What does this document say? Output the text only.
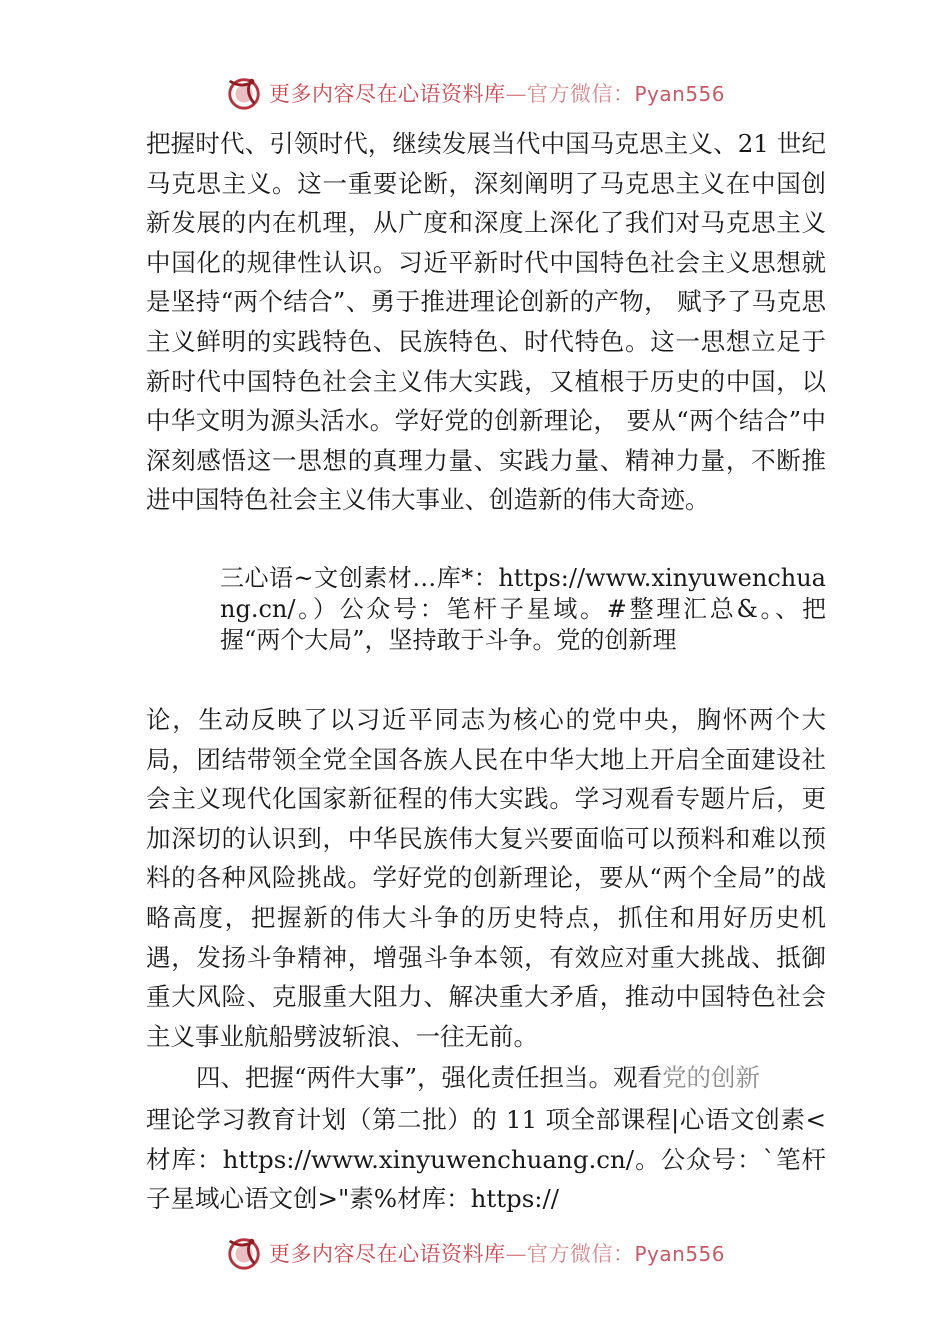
更多内容尽在心语资料库—官方微信：Pyan556

把握时代、引领时代，继续发展当代中国马克思主义、21 世纪马克思主义。这一重要论断，深刻阐明了马克思主义在中国创新发展的内在机理，从广度和深度上深化了我们对马克思主义中国化的规律性认识。习近平新时代中国特色社会主义思想就是坚持“两个结合”、勇于推进理论创新的产物， 赋予了马克思主义鲜明的实践特色、民族特色、时代特色。这一思想立足于新时代中国特色社会主义伟大实践，又植根于历史的中国，以中华文明为源头活水。学好党的创新理论， 要从“两个结合”中深刻感悟这一思想的真理力量、实践力量、精神力量，不断推进中国特色社会主义伟大事业、创造新的伟大奇迹。

三心语~文创素材…库*：https://www.xinyuwenchuang.cn/。）公众号：笔杆子星域。#整理汇总&。、把握“两个大局”，坚持敢于斗争。党的创新理

论，生动反映了以习近平同志为核心的党中央，胸怀两个大局，团结带领全党全国各族人民在中华大地上开启全面建设社会主义现代化国家新征程的伟大实践。学习观看专题片后，更加深切的认识到，中华民族伟大复兴要面临可以预料和难以预料的各种风险挑战。学好党的创新理论，要从“两个全局”的战略高度，把握新的伟大斗争的历史特点，抓住和用好历史机遇，发扬斗争精神，增强斗争本领，有效应对重大挑战、抵御重大风险、克服重大阻力、解决重大矛盾，推动中国特色社会主义事业航船劈波斩浪、一往无前。

四、把握“两件大事”，强化责任担当。观看党的创新

理论学习教育计划（第二批）的 11 项全部课程|心语文创素<材库：https://www.xinyuwenchuang.cn/。公众号：`笔杆子星域心语文创>"素%材库：https://

更多内容尽在心语资料库—官方微信：Pyan556
